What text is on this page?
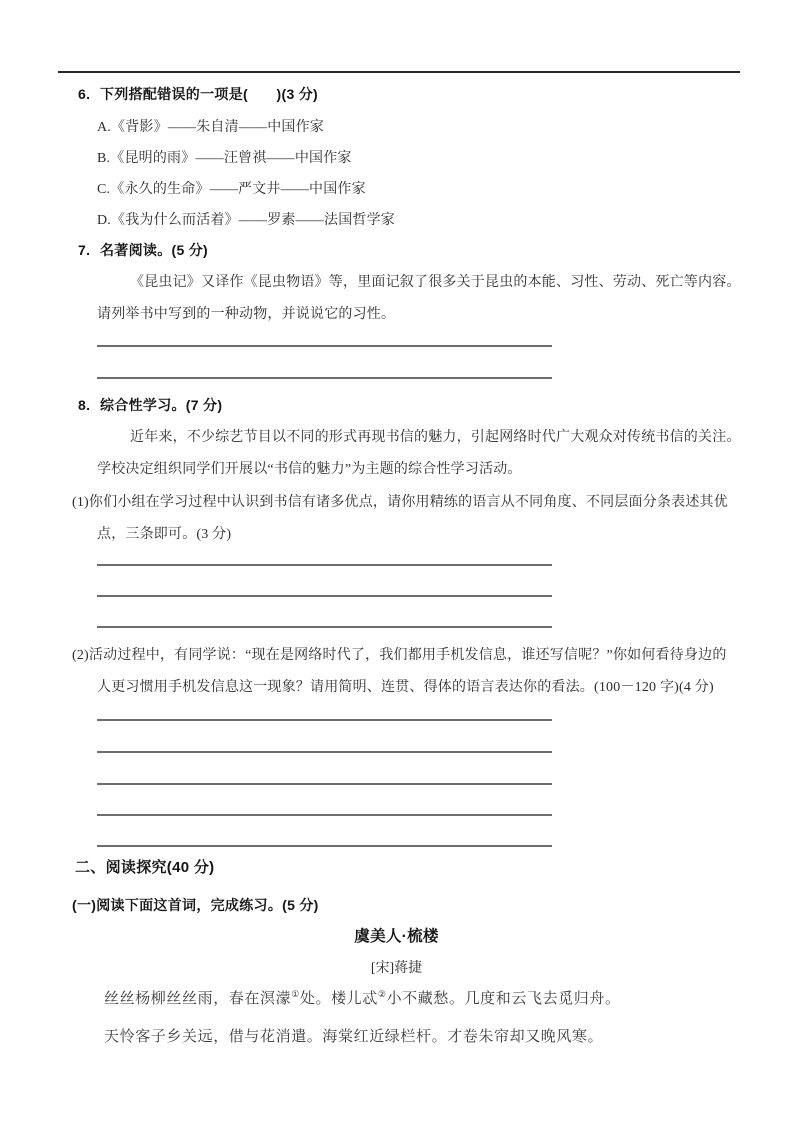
6. 下列搭配错误的一项是(　　)(3 分)
A.《背影》——朱自清——中国作家
B.《昆明的雨》——汪曾祺——中国作家
C.《永久的生命》——严文井——中国作家
D.《我为什么而活着》——罗素——法国哲学家
7. 名著阅读。(5 分)
《昆虫记》又译作《昆虫物语》等，里面记叙了很多关于昆虫的本能、习性、劳动、死亡等内容。
请列举书中写到的一种动物，并说说它的习性。
8. 综合性学习。(7 分)
近年来，不少综艺节目以不同的形式再现书信的魅力，引起网络时代广大观众对传统书信的关注。
学校决定组织同学们开展以“书信的魅力”为主题的综合性学习活动。
(1)你们小组在学习过程中认识到书信有诸多优点，请你用精练的语言从不同角度、不同层面分条表述其优
点，三条即可。(3 分)
(2)活动过程中，有同学说：“现在是网络时代了，我们都用手机发信息，谁还写信呢？”你如何看待身边的
人更习惯用手机发信息这一现象？请用简明、连贯、得体的语言表达你的看法。(100－120 字)(4 分)
二、阅读探究(40 分)
(一)阅读下面这首词，完成练习。(5 分)
虞美人·梳楼
[宋]蒋捷
丝丝杨柳丝丝雨，春在溟濛①处。楼儿忒②小不藏愁。几度和云飞去觅归舟。
天怜客子乡关远，借与花消遣。海棠红近绿栏杆。才卷朱帘却又晚风寒。
